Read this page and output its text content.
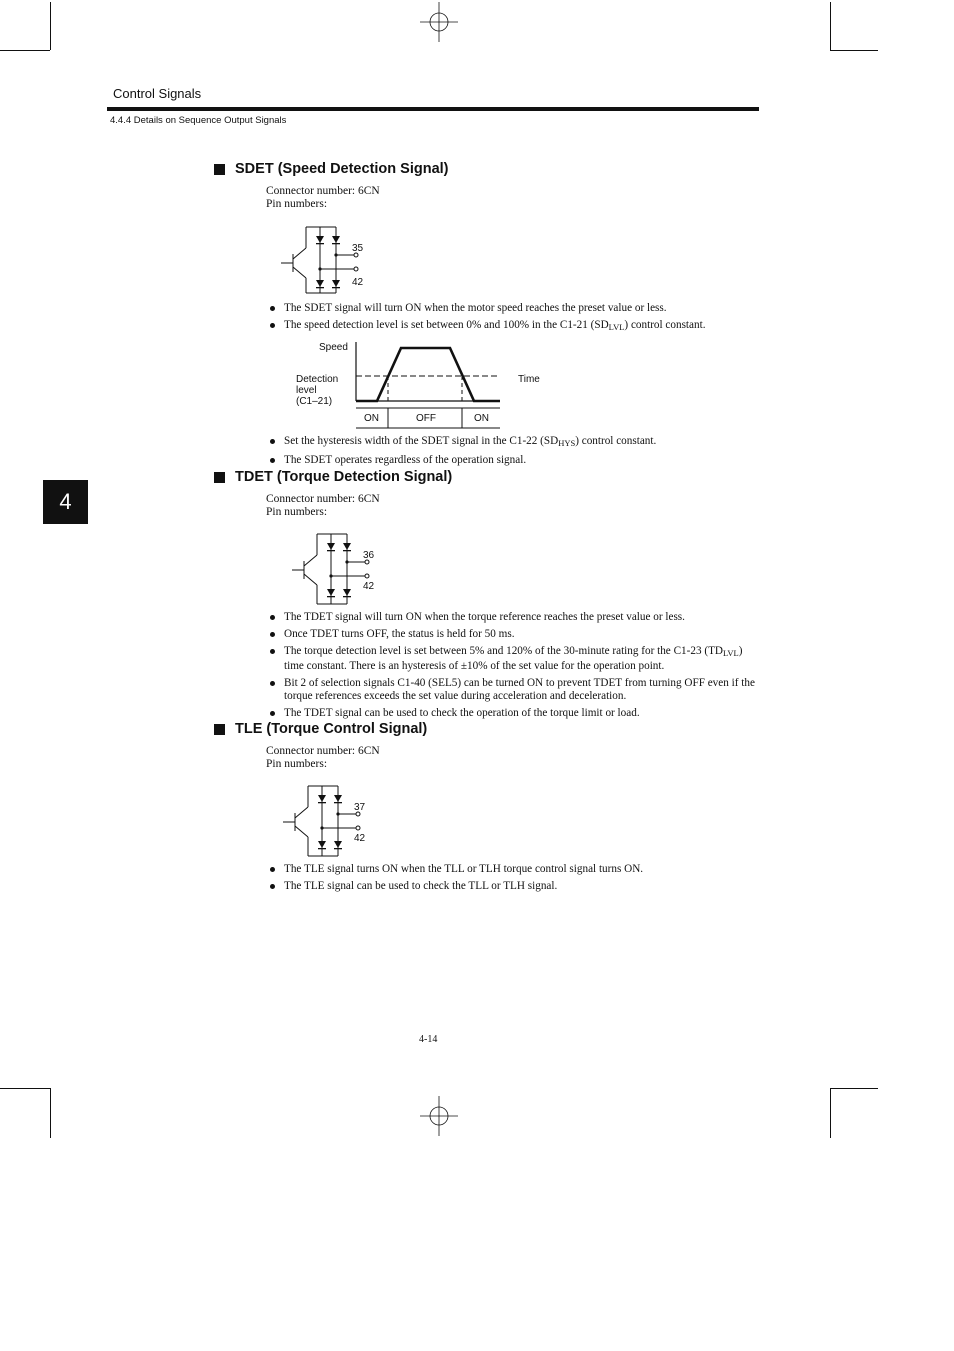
Control Signals
4.4.4 Details on Sequence Output Signals
4
SDET (Speed Detection Signal)
Connector number: 6CN
Pin numbers:
35
42
The SDET signal will turn ON when the motor speed reaches the preset value or less.
The speed detection level is set between 0% and 100% in the C1-21 $(SD_{LVL})$ control constant.
Speed
Detection
level
(C1–21)
Time
ON	OFF	ON
Set the hysteresis width of the SDET signal in the C1-22 $(SD_{HYS})$ control constant.
The SDET operates regardless of the operation signal.
TDET (Torque Detection Signal)
Connector number: 6CN
Pin numbers:
36
42
The TDET signal will turn ON when the torque reference reaches the preset value or less.
Once TDET turns OFF, the status is held for 50 ms.
The torque detection level is set between 5% and 120% of the 30-minute rating for the C1-23 $(TD_{LVL})$ time constant. There is an hysteresis of ±10% of the set value for the operation point.
Bit 2 of selection signals C1-40 (SEL5) can be turned ON to prevent TDET from turning OFF even if the torque references exceeds the set value during acceleration and deceleration.
The TDET signal can be used to check the operation of the torque limit or load.
TLE (Torque Control Signal)
Connector number: 6CN
Pin numbers:
37
42
The TLE signal turns ON when the TLL or TLH torque control signal turns ON.
The TLE signal can be used to check the TLL or TLH signal.
4-14
